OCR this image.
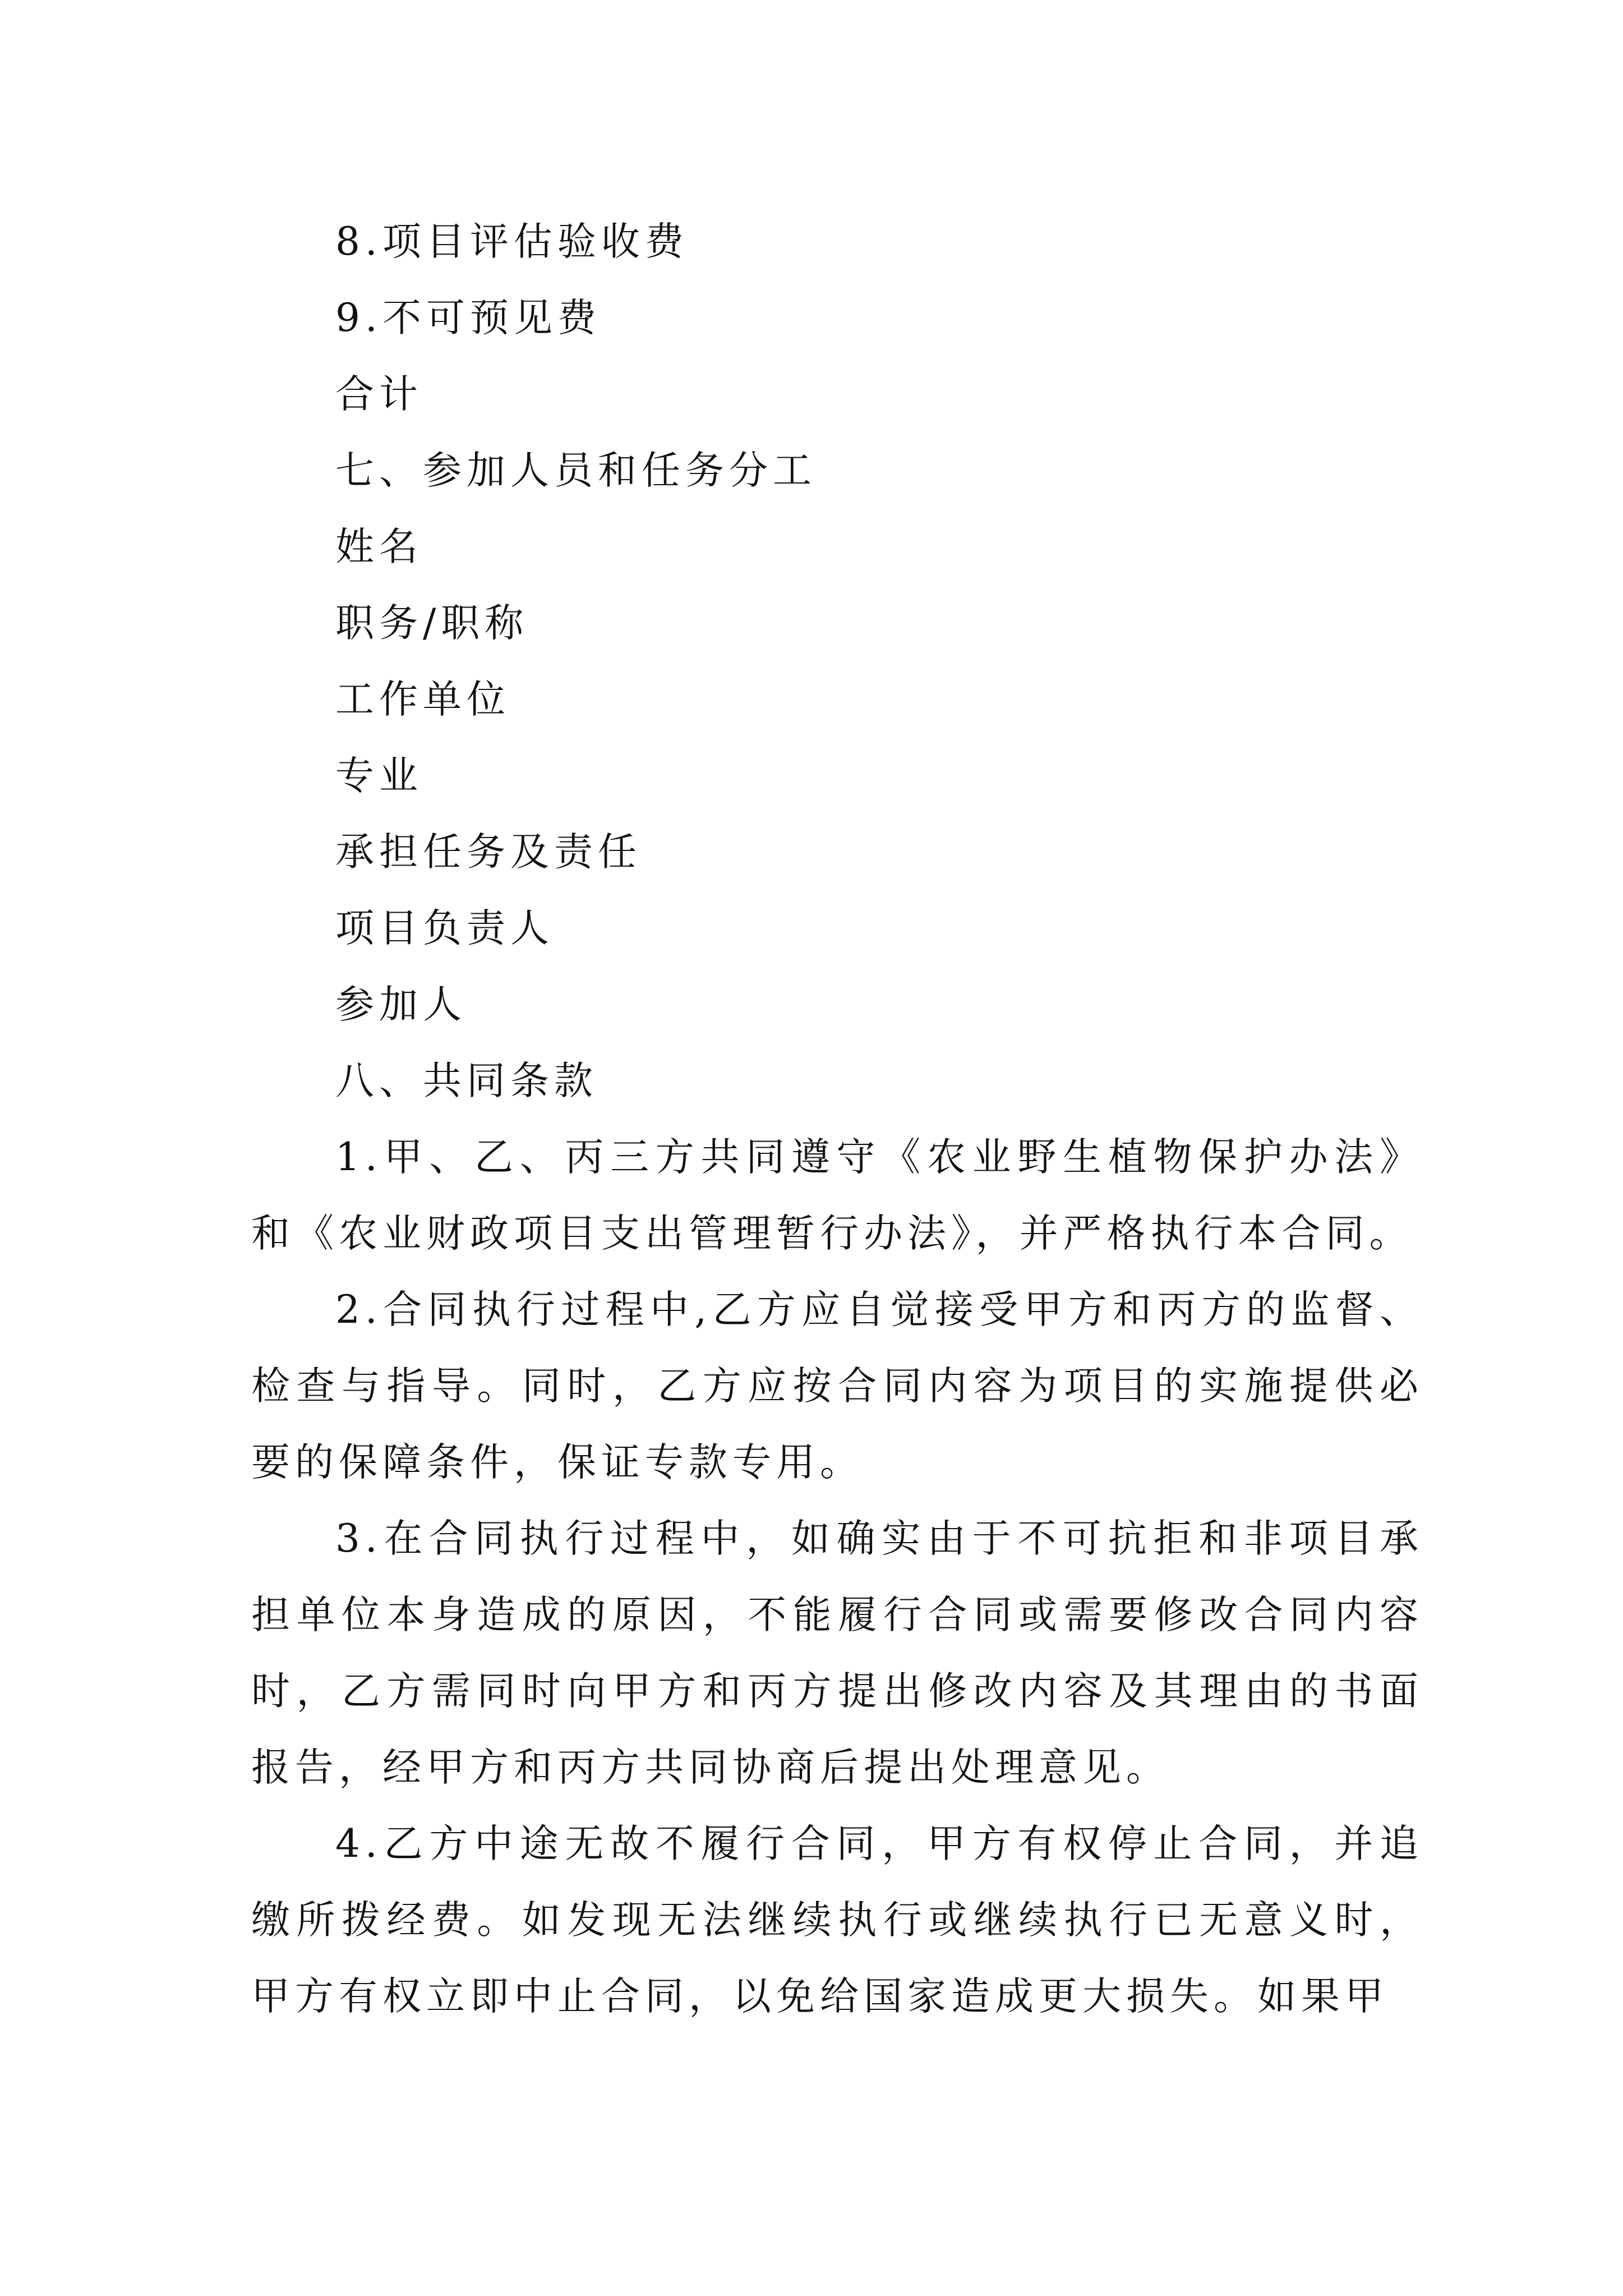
8.项目评估验收费

9.不可预见费

合计

七、参加人员和任务分工

姓名

职务/职称

工作单位

专业

承担任务及责任

项目负责人

参加人

八、共同条款

1.甲、乙、丙三方共同遵守《农业野生植物保护办法》和《农业财政项目支出管理暂行办法》，并严格执行本合同。

2.合同执行过程中,乙方应自觉接受甲方和丙方的监督、检查与指导。同时，乙方应按合同内容为项目的实施提供必要的保障条件，保证专款专用。

3.在合同执行过程中，如确实由于不可抗拒和非项目承担单位本身造成的原因，不能履行合同或需要修改合同内容时，乙方需同时向甲方和丙方提出修改内容及其理由的书面报告，经甲方和丙方共同协商后提出处理意见。

4.乙方中途无故不履行合同，甲方有权停止合同，并追缴所拨经费。如发现无法继续执行或继续执行已无意义时，甲方有权立即中止合同，以免给国家造成更大损失。如果甲
